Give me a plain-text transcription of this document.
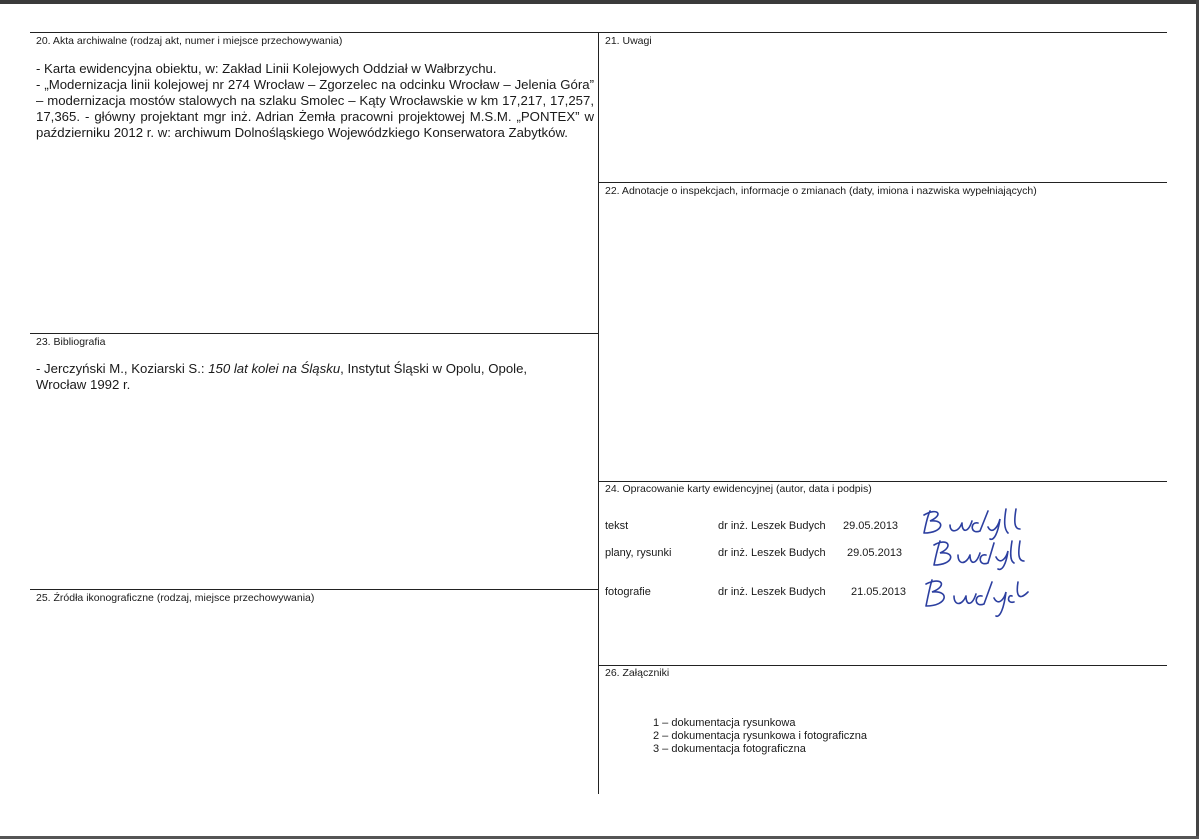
20. Akta archiwalne (rodzaj akt, numer i miejsce przechowywania)

- Karta ewidencyjna obiektu, w: Zakład Linii Kolejowych Oddział w Wałbrzychu.

- „Modernizacja linii kolejowej nr 274 Wrocław – Zgorzelec na odcinku Wrocław – Jelenia Góra” – modernizacja mostów stalowych na szlaku Smolec – Kąty Wrocławskie w km 17,217, 17,257, 17,365. - główny projektant mgr inż. Adrian Żemła pracowni projektowej M.S.M. „PONTEX” w październiku 2012 r. w: archiwum Dolnośląskiego Wojewódzkiego Konserwatora Zabytków.

21. Uwagi
22. Adnotacje o inspekcjach, informacje o zmianach (daty, imiona i nazwiska wypełniających)
23. Bibliografia
- Jerczyński M., Koziarski S.: 150 lat kolei na Śląsku, Instytut Śląski w Opolu, Opole, Wrocław 1992 r.
24. Opracowanie karty ewidencyjnej (autor, data i podpis)
tekst	dr inż. Leszek Budych 29.05.2013
plany, rysunki	dr inż. Leszek Budych 29.05.2013
fotografie	dr inż. Leszek Budych 21.05.2013
25. Źródła ikonograficzne (rodzaj, miejsce przechowywania)
26. Załączniki
1 – dokumentacja rysunkowa
2 – dokumentacja rysunkowa i fotograficzna
3 – dokumentacja fotograficzna
